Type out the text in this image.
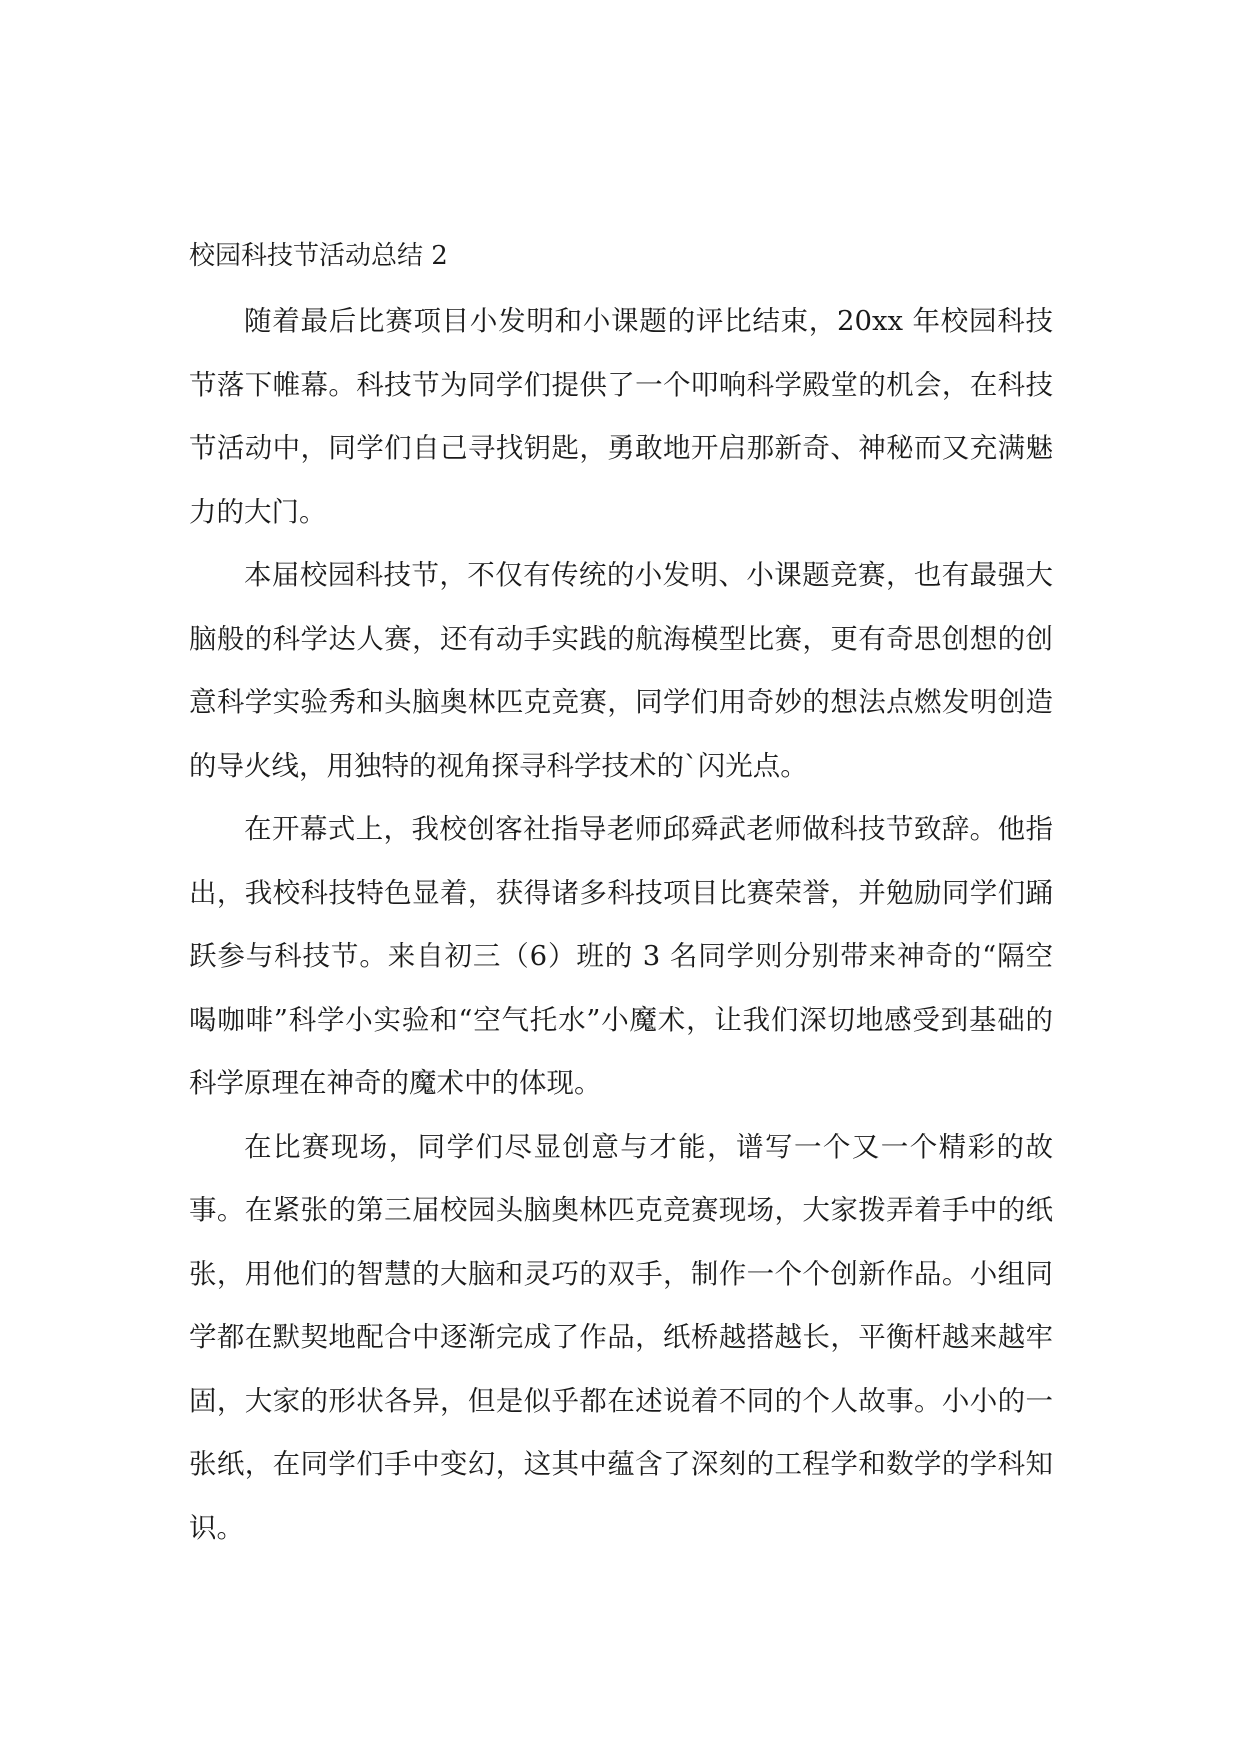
校园科技节活动总结 2

随着最后比赛项目小发明和小课题的评比结束，20xx 年校园科技节落下帷幕。科技节为同学们提供了一个叩响科学殿堂的机会，在科技节活动中，同学们自己寻找钥匙，勇敢地开启那新奇、神秘而又充满魅力的大门。

本届校园科技节，不仅有传统的小发明、小课题竞赛，也有最强大脑般的科学达人赛，还有动手实践的航海模型比赛，更有奇思创想的创意科学实验秀和头脑奥林匹克竞赛，同学们用奇妙的想法点燃发明创造的导火线，用独特的视角探寻科学技术的`闪光点。

在开幕式上，我校创客社指导老师邱舜武老师做科技节致辞。他指出，我校科技特色显着，获得诸多科技项目比赛荣誉，并勉励同学们踊跃参与科技节。来自初三（6）班的 3 名同学则分别带来神奇的“隔空喝咖啡”科学小实验和“空气托水”小魔术，让我们深切地感受到基础的科学原理在神奇的魔术中的体现。

在比赛现场，同学们尽显创意与才能，谱写一个又一个精彩的故事。在紧张的第三届校园头脑奥林匹克竞赛现场，大家拨弄着手中的纸张，用他们的智慧的大脑和灵巧的双手，制作一个个创新作品。小组同学都在默契地配合中逐渐完成了作品，纸桥越搭越长，平衡杆越来越牢固，大家的形状各异，但是似乎都在述说着不同的个人故事。小小的一张纸，在同学们手中变幻，这其中蕴含了深刻的工程学和数学的学科知识。
